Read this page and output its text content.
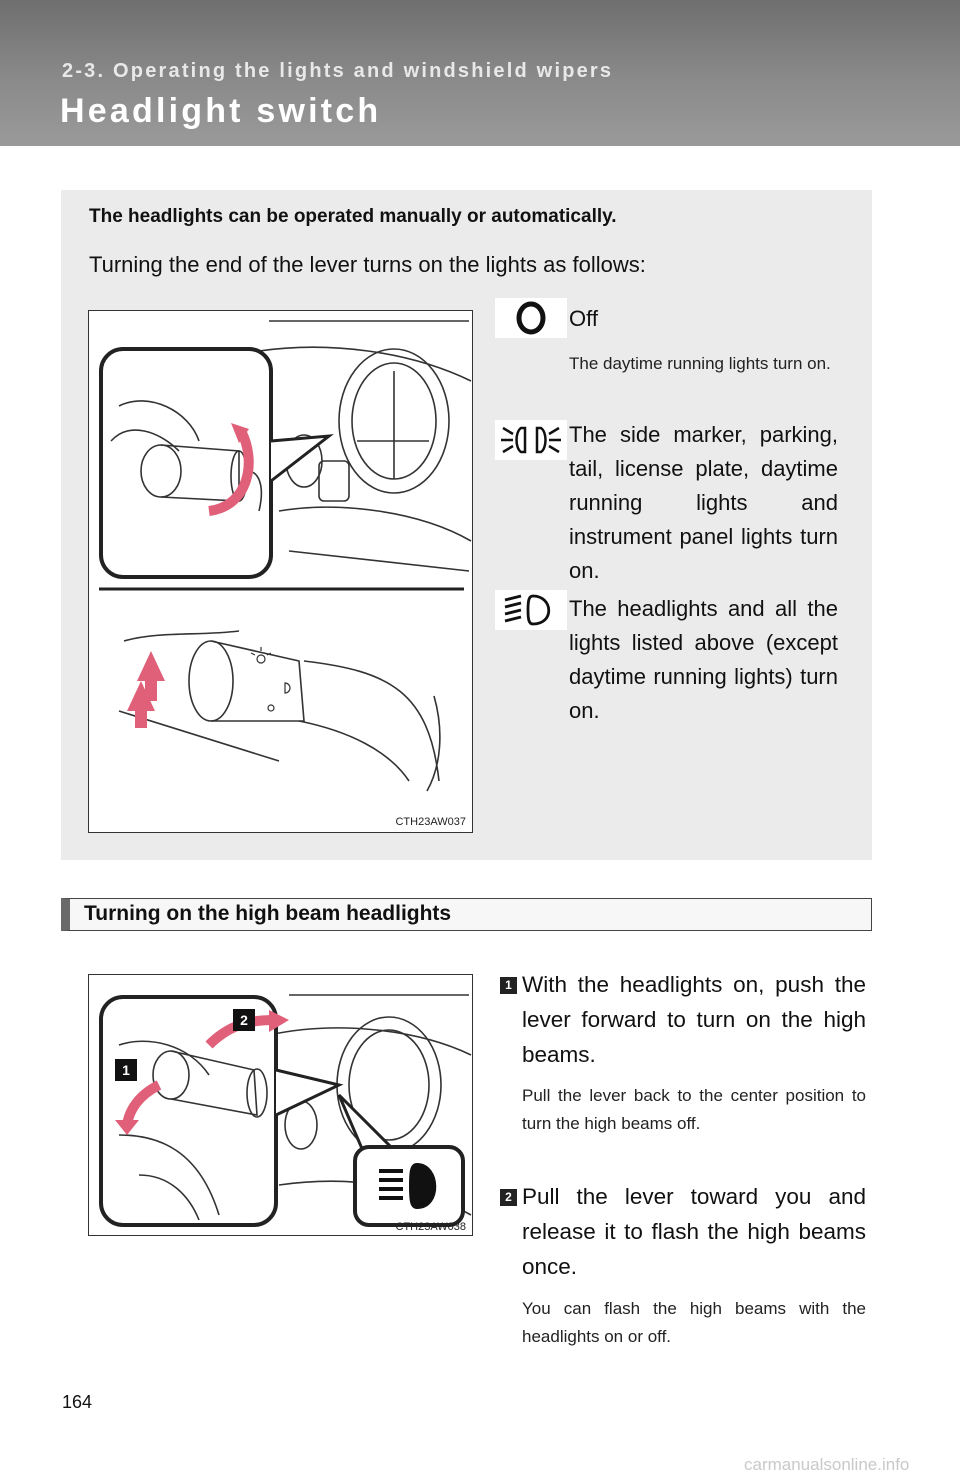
2-3. Operating the lights and windshield wipers
Headlight switch
The headlights can be operated manually or automatically.
Turning the end of the lever turns on the lights as follows:
CTH23AW037
Off
The daytime running lights turn on.
The side marker, parking, tail, license plate, daytime running lights and instrument panel lights turn on.
The headlights and all the lights listed above (except daytime running lights) turn on.
Turning on the high beam headlights
1
2
CTH23AW038
1 With the headlights on, push the lever forward to turn on the high beams.
Pull the lever back to the center position to turn the high beams off.
2 Pull the lever toward you and release it to flash the high beams once.
You can flash the high beams with the headlights on or off.
164
carmanualsonline.info
